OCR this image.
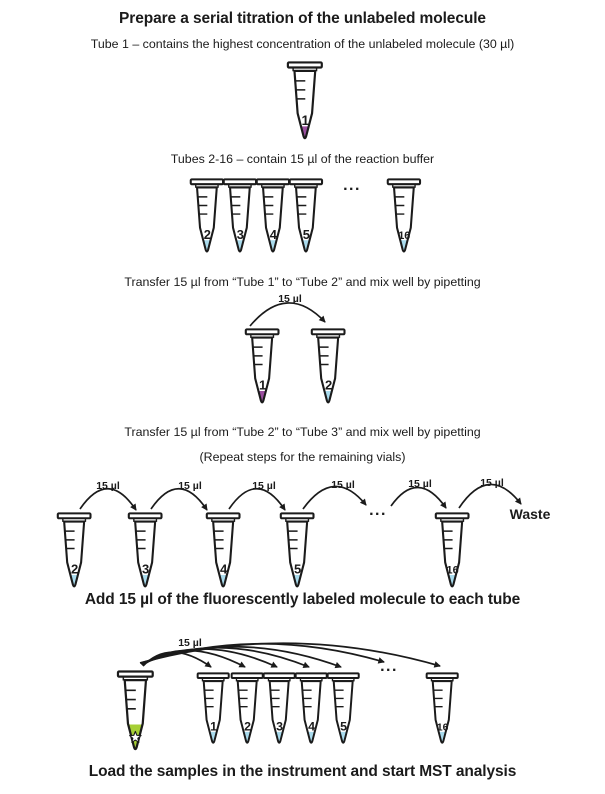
Prepare a serial titration of the unlabeled molecule
Tube 1 – contains the highest concentration of the unlabeled molecule (30 µl)
Tubes 2-16 – contain 15 µl of the reaction buffer
Transfer 15 µl from “Tube 1” to “Tube 2” and mix well by pipetting
Transfer 15 µl from “Tube 2” to “Tube 3” and mix well by pipetting
(Repeat steps for the remaining vials)
Add 15 µl of the fluorescently labeled molecule to each tube
Load the samples in the instrument and start MST analysis
1
2 3 4 5
...
16
15 µl
1	2
15 µl	15 µl	15 µl	15 µl	15 µl	15 µl
Waste
2	3	4	5
...
16
15 µl
1 2 3 4 5
...
16
